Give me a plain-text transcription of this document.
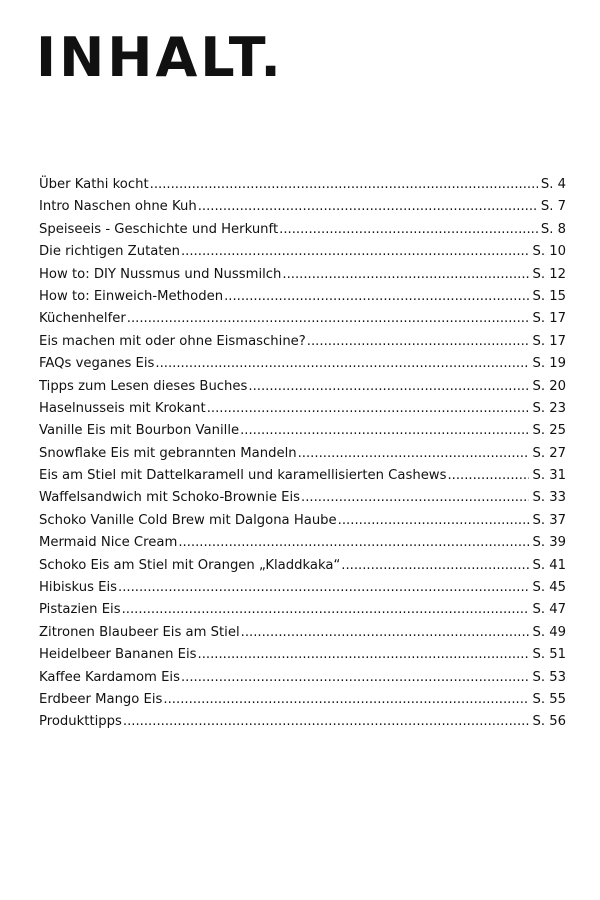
INHALT.
Über Kathi kocht .....	S. 4
Intro Naschen ohne Kuh .....	S. 7
Speiseeis - Geschichte und Herkunft .....	S. 8
Die richtigen Zutaten .....	S. 10
How to: DIY Nussmus und Nussmilch .....	S. 12
How to: Einweich-Methoden .....	S. 15
Küchenhelfer .....	S. 17
Eis machen mit oder ohne Eismaschine? .....	S. 17
FAQs veganes Eis .....	S. 19
Tipps zum Lesen dieses Buches .....	S. 20
Haselnusseis mit Krokant .....	S. 23
Vanille Eis mit Bourbon Vanille .....	S. 25
Snowflake Eis mit gebrannten Mandeln .....	S. 27
Eis am Stiel mit Dattelkaramell und karamellisierten Cashews .....	S. 31
Waffelsandwich mit Schoko-Brownie Eis .....	S. 33
Schoko Vanille Cold Brew mit Dalgona Haube .....	S. 37
Mermaid Nice Cream .....	S. 39
Schoko Eis am Stiel mit Orangen „Kladdkaka“ .....	S. 41
Hibiskus Eis .....	S. 45
Pistazien Eis .....	S. 47
Zitronen Blaubeer Eis am Stiel .....	S. 49
Heidelbeer Bananen Eis .....	S. 51
Kaffee Kardamom Eis .....	S. 53
Erdbeer Mango Eis .....	S. 55
Produkttipps .....	S. 56
